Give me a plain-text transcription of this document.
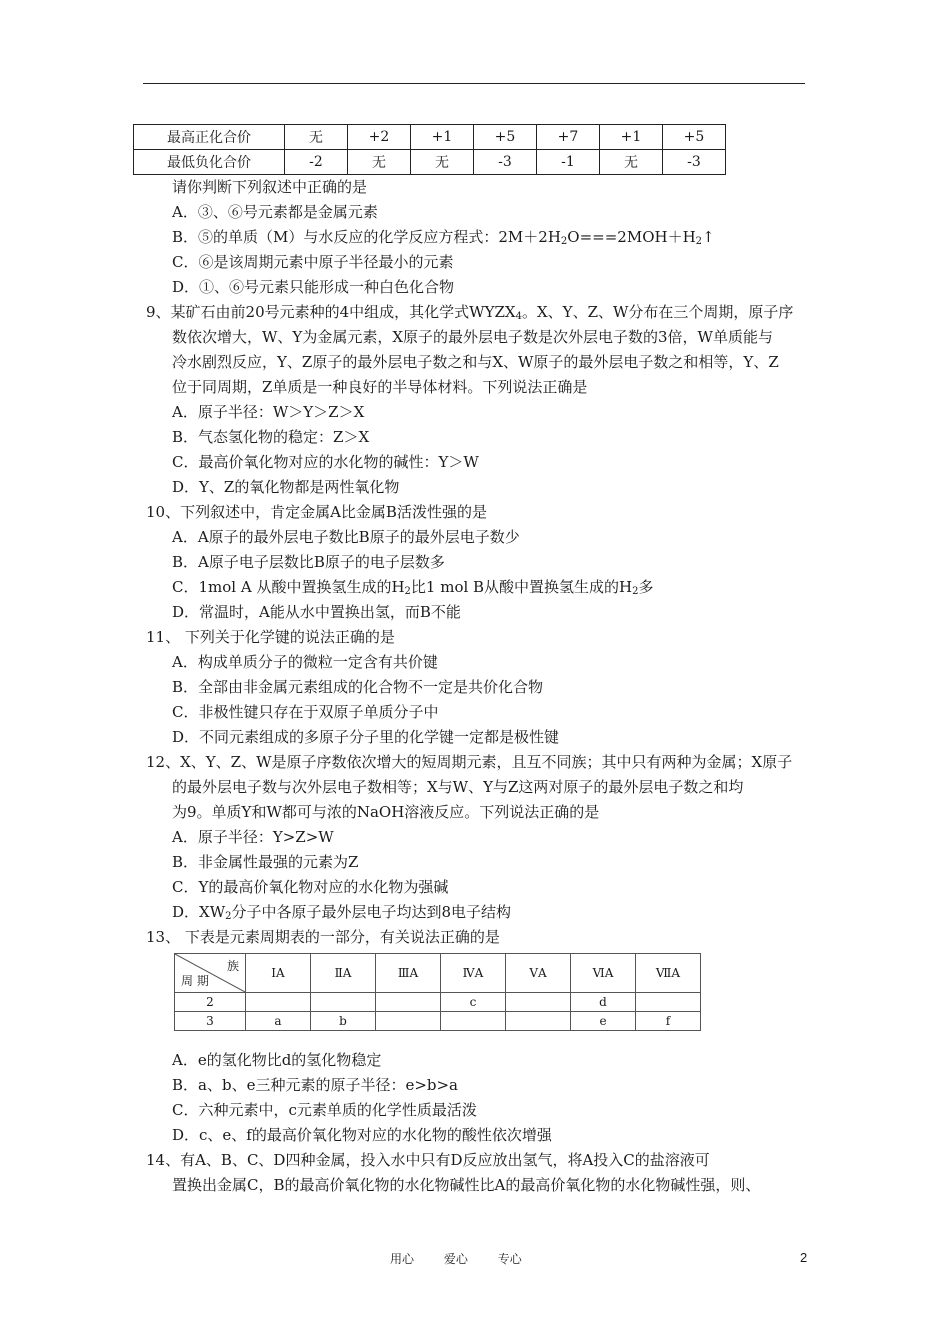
最高正化合价	无	+2	+1	+5	+7	+1	+5
最低负化合价	-2	无	无	-3	-1	无	-3
请你判断下列叙述中正确的是
A．③、⑥号元素都是金属元素
B．⑤的单质（M）与水反应的化学反应方程式：$2M+2H_2O===2MOH+H_2↑$
C．⑥是该周期元素中原子半径最小的元素
D．①、⑥号元素只能形成一种白色化合物
9、某矿石由前20号元素种的4中组成，其化学式$WYZX_4$。X、Y、Z、W分布在三个周期，原子序
数依次增大，W、Y为金属元素，X原子的最外层电子数是次外层电子数的3倍，W单质能与
冷水剧烈反应，Y、Z原子的最外层电子数之和与X、W原子的最外层电子数之和相等，Y、Z
位于同周期，Z单质是一种良好的半导体材料。下列说法正确是
A．原子半径：W＞Y＞Z＞X
B．气态氢化物的稳定：Z＞X
C．最高价氧化物对应的水化物的碱性：Y＞W
D．Y、Z的氧化物都是两性氧化物
10、下列叙述中，肯定金属A比金属B活泼性强的是
A．A原子的最外层电子数比B原子的最外层电子数少
B．A原子电子层数比B原子的电子层数多
C．1mol A 从酸中置换氢生成的$H_2$比1 mol B从酸中置换氢生成的$H_2$多
D．常温时，A能从水中置换出氢，而B不能
11、 下列关于化学键的说法正确的是
A．构成单质分子的微粒一定含有共价键
B．全部由非金属元素组成的化合物不一定是共价化合物
C．非极性键只存在于双原子单质分子中
D．不同元素组成的多原子分子里的化学键一定都是极性键
12、X、Y、Z、W是原子序数依次增大的短周期元素，且互不同族；其中只有两种为金属；X原子
的最外层电子数与次外层电子数相等；X与W、Y与Z这两对原子的最外层电子数之和均
为9。单质Y和W都可与浓的NaOH溶液反应。下列说法正确的是
A．原子半径：Y>Z>W
B．非金属性最强的元素为Z
C．Y的最高价氧化物对应的水化物为强碱
D．$XW_2$分子中各原子最外层电子均达到8电子结构
13、 下表是元素周期表的一部分，有关说法正确的是
族
周 期	ⅠA	ⅡA	ⅢA	ⅣA	ⅤA	ⅥA	ⅦA
2				c		d	
3	a	b				e	f
A．e的氢化物比d的氢化物稳定
B．a、b、e三种元素的原子半径：e>b>a
C．六种元素中，c元素单质的化学性质最活泼
D．c、e、f的最高价氧化物对应的水化物的酸性依次增强
14、有A、B、C、D四种金属，投入水中只有D反应放出氢气，将A投入C的盐溶液可
置换出金属C，B的最高价氧化物的水化物碱性比A的最高价氧化物的水化物碱性强，则、
用心 爱心 专心	2
